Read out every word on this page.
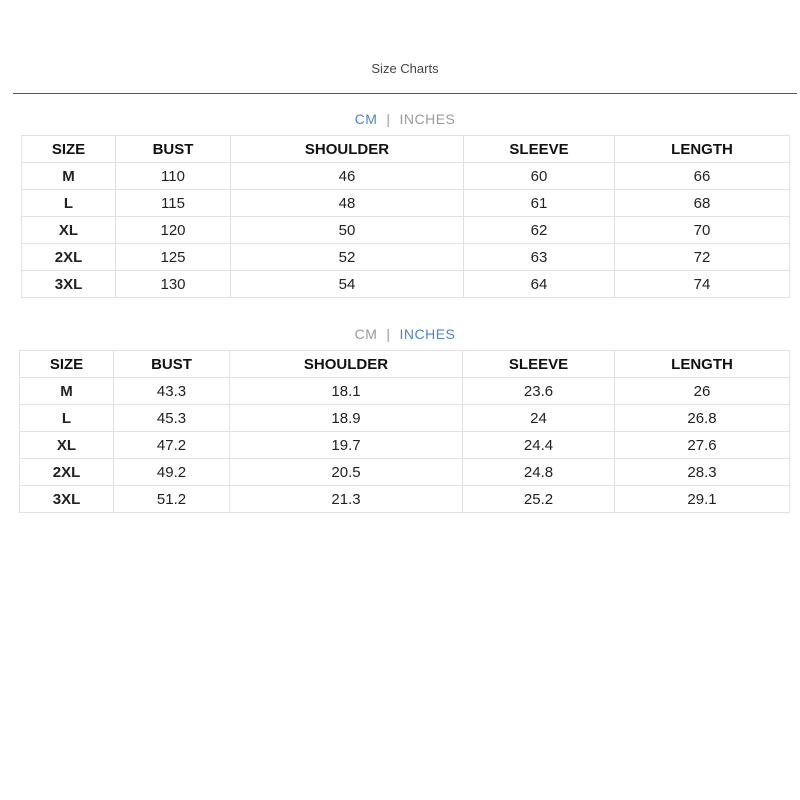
Size Charts
CM | INCHES
SIZE	BUST	SHOULDER	SLEEVE	LENGTH
M	110	46	60	66
L	115	48	61	68
XL	120	50	62	70
2XL	125	52	63	72
3XL	130	54	64	74
CM | INCHES
SIZE	BUST	SHOULDER	SLEEVE	LENGTH
M	43.3	18.1	23.6	26
L	45.3	18.9	24	26.8
XL	47.2	19.7	24.4	27.6
2XL	49.2	20.5	24.8	28.3
3XL	51.2	21.3	25.2	29.1
